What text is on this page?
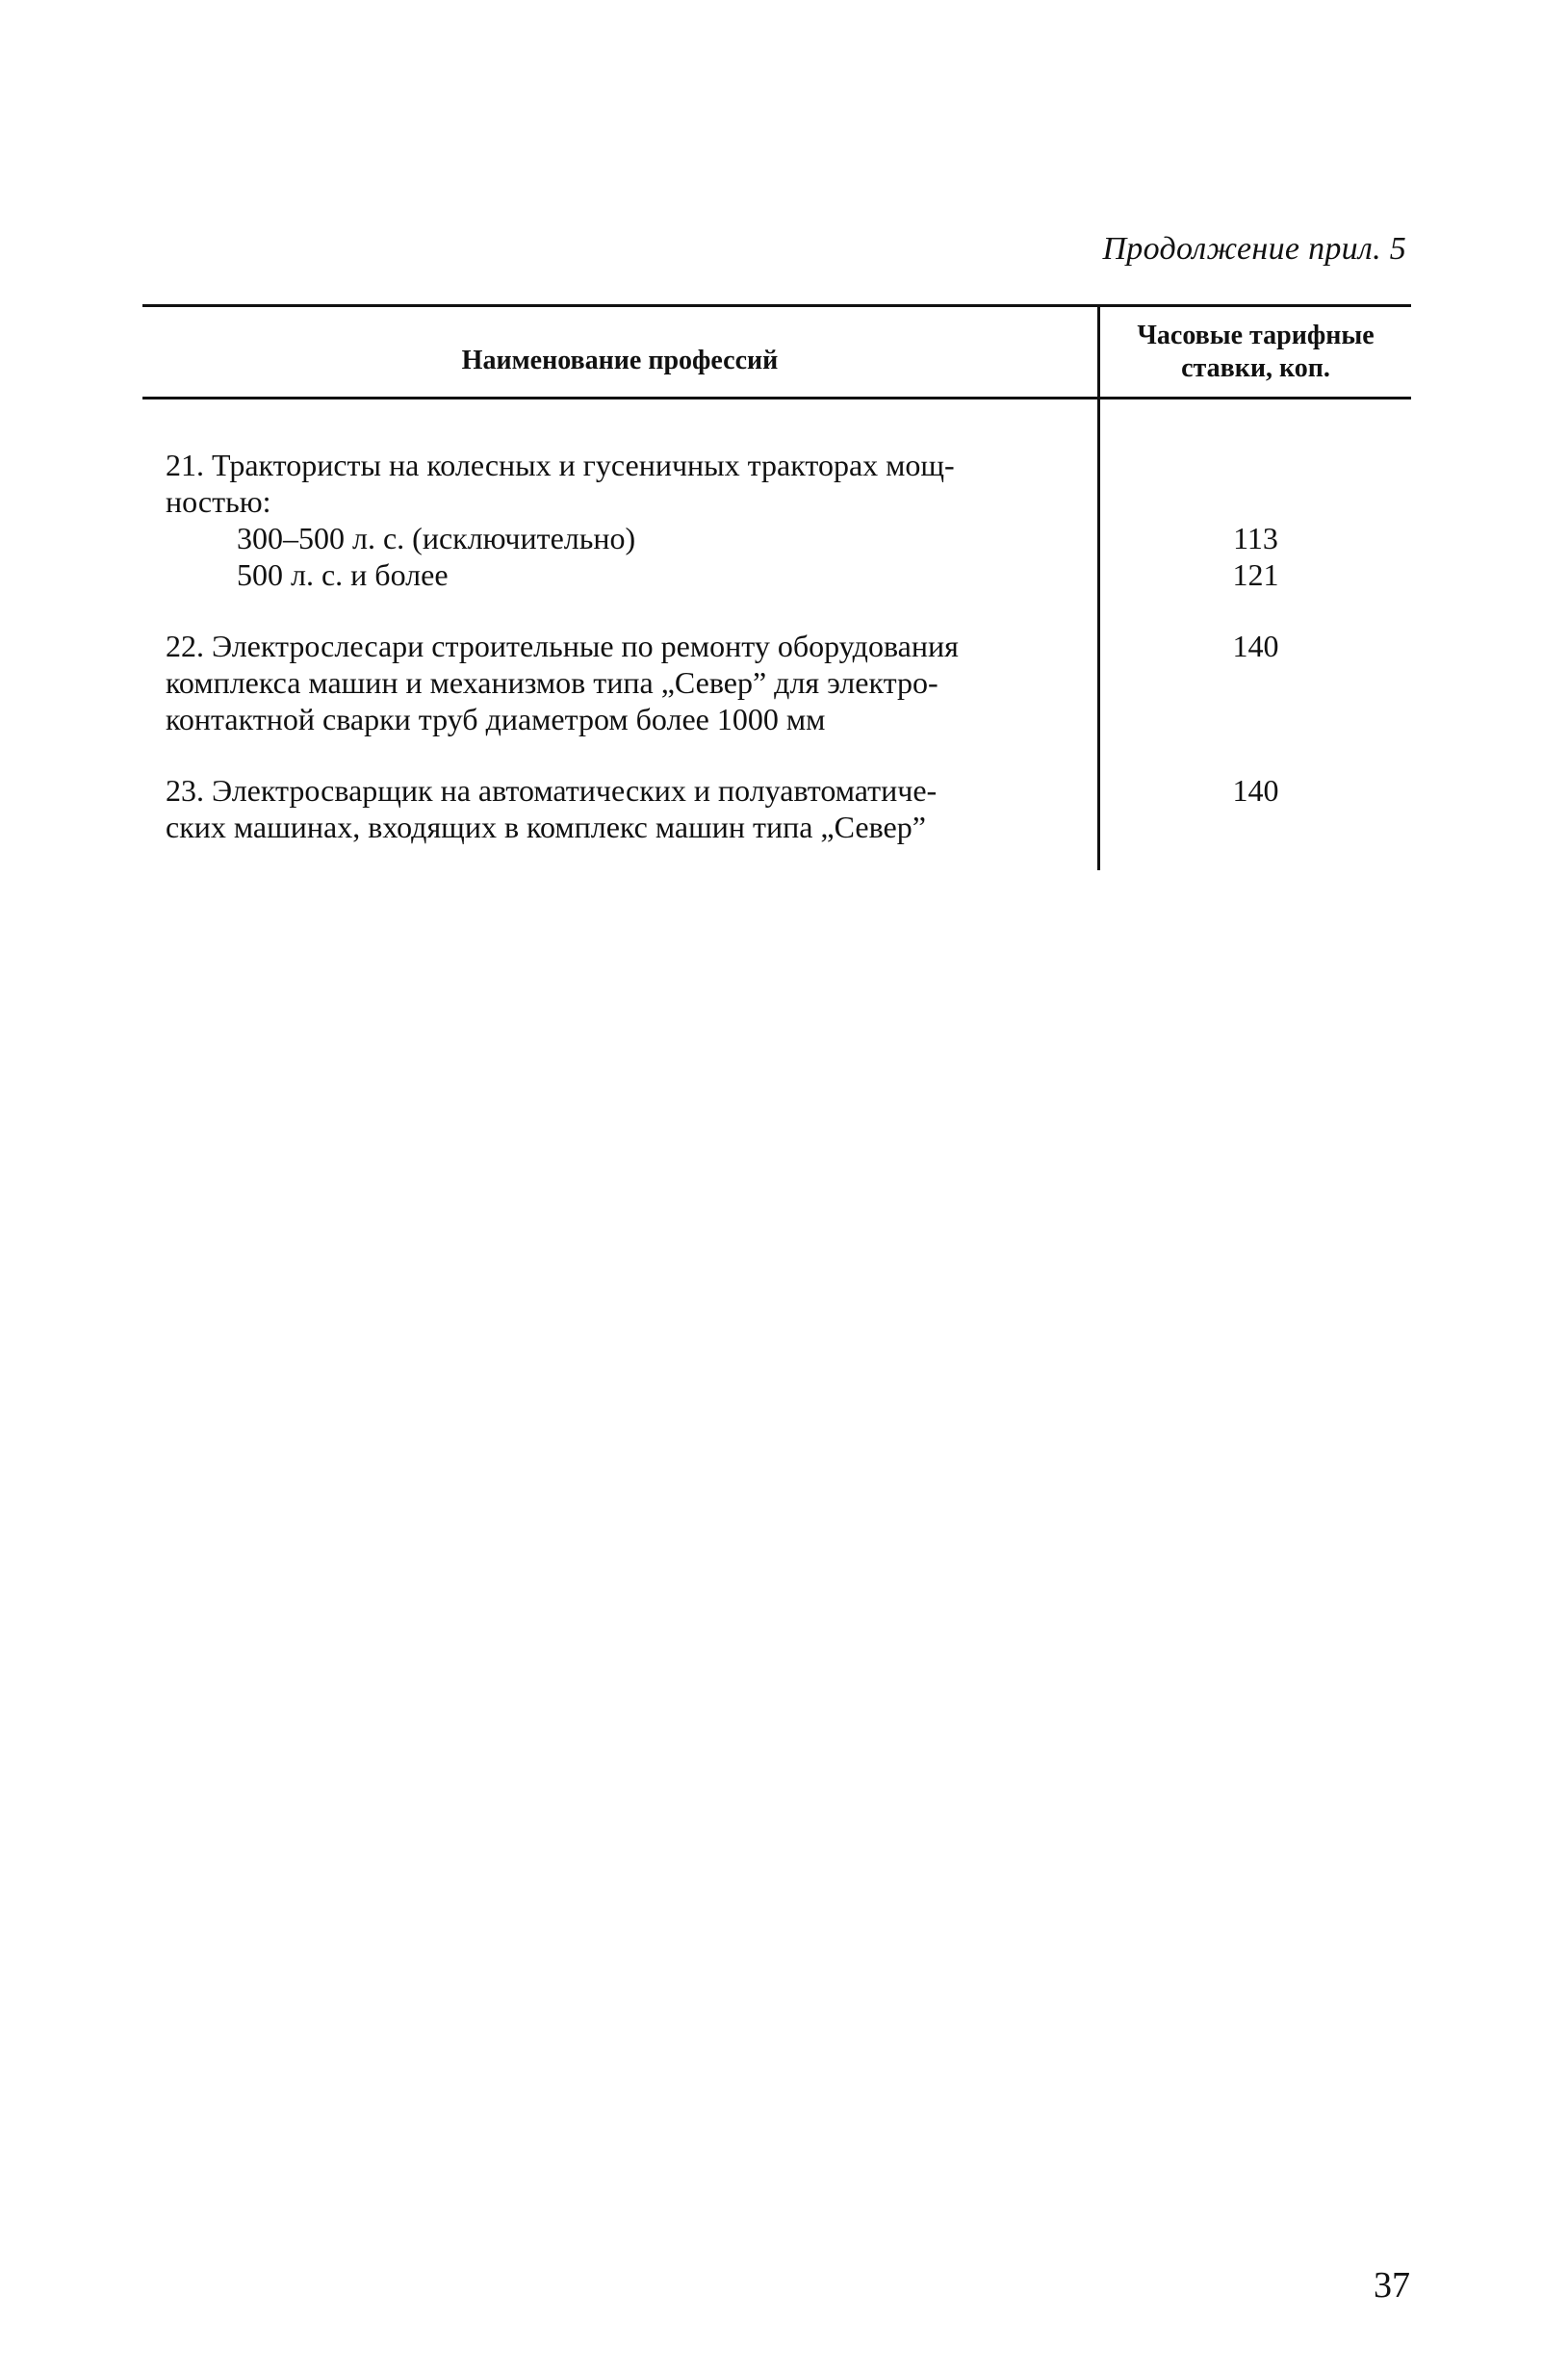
Продолжение прил. 5
Наименование профессий
Часовые тарифные
ставки, коп.
21. Трактористы на колесных и гусеничных тракторах мощ-
ностью:
300–500 л. с. (исключительно)
500 л. с. и более
113
121
22. Электрослесари строительные по ремонту оборудования
комплекса машин и механизмов типа „Север” для электро-
контактной сварки труб диаметром более 1000 мм
140
23. Электросварщик на автоматических и полуавтоматиче-
ских машинах, входящих в комплекс машин типа „Север”
140
37
